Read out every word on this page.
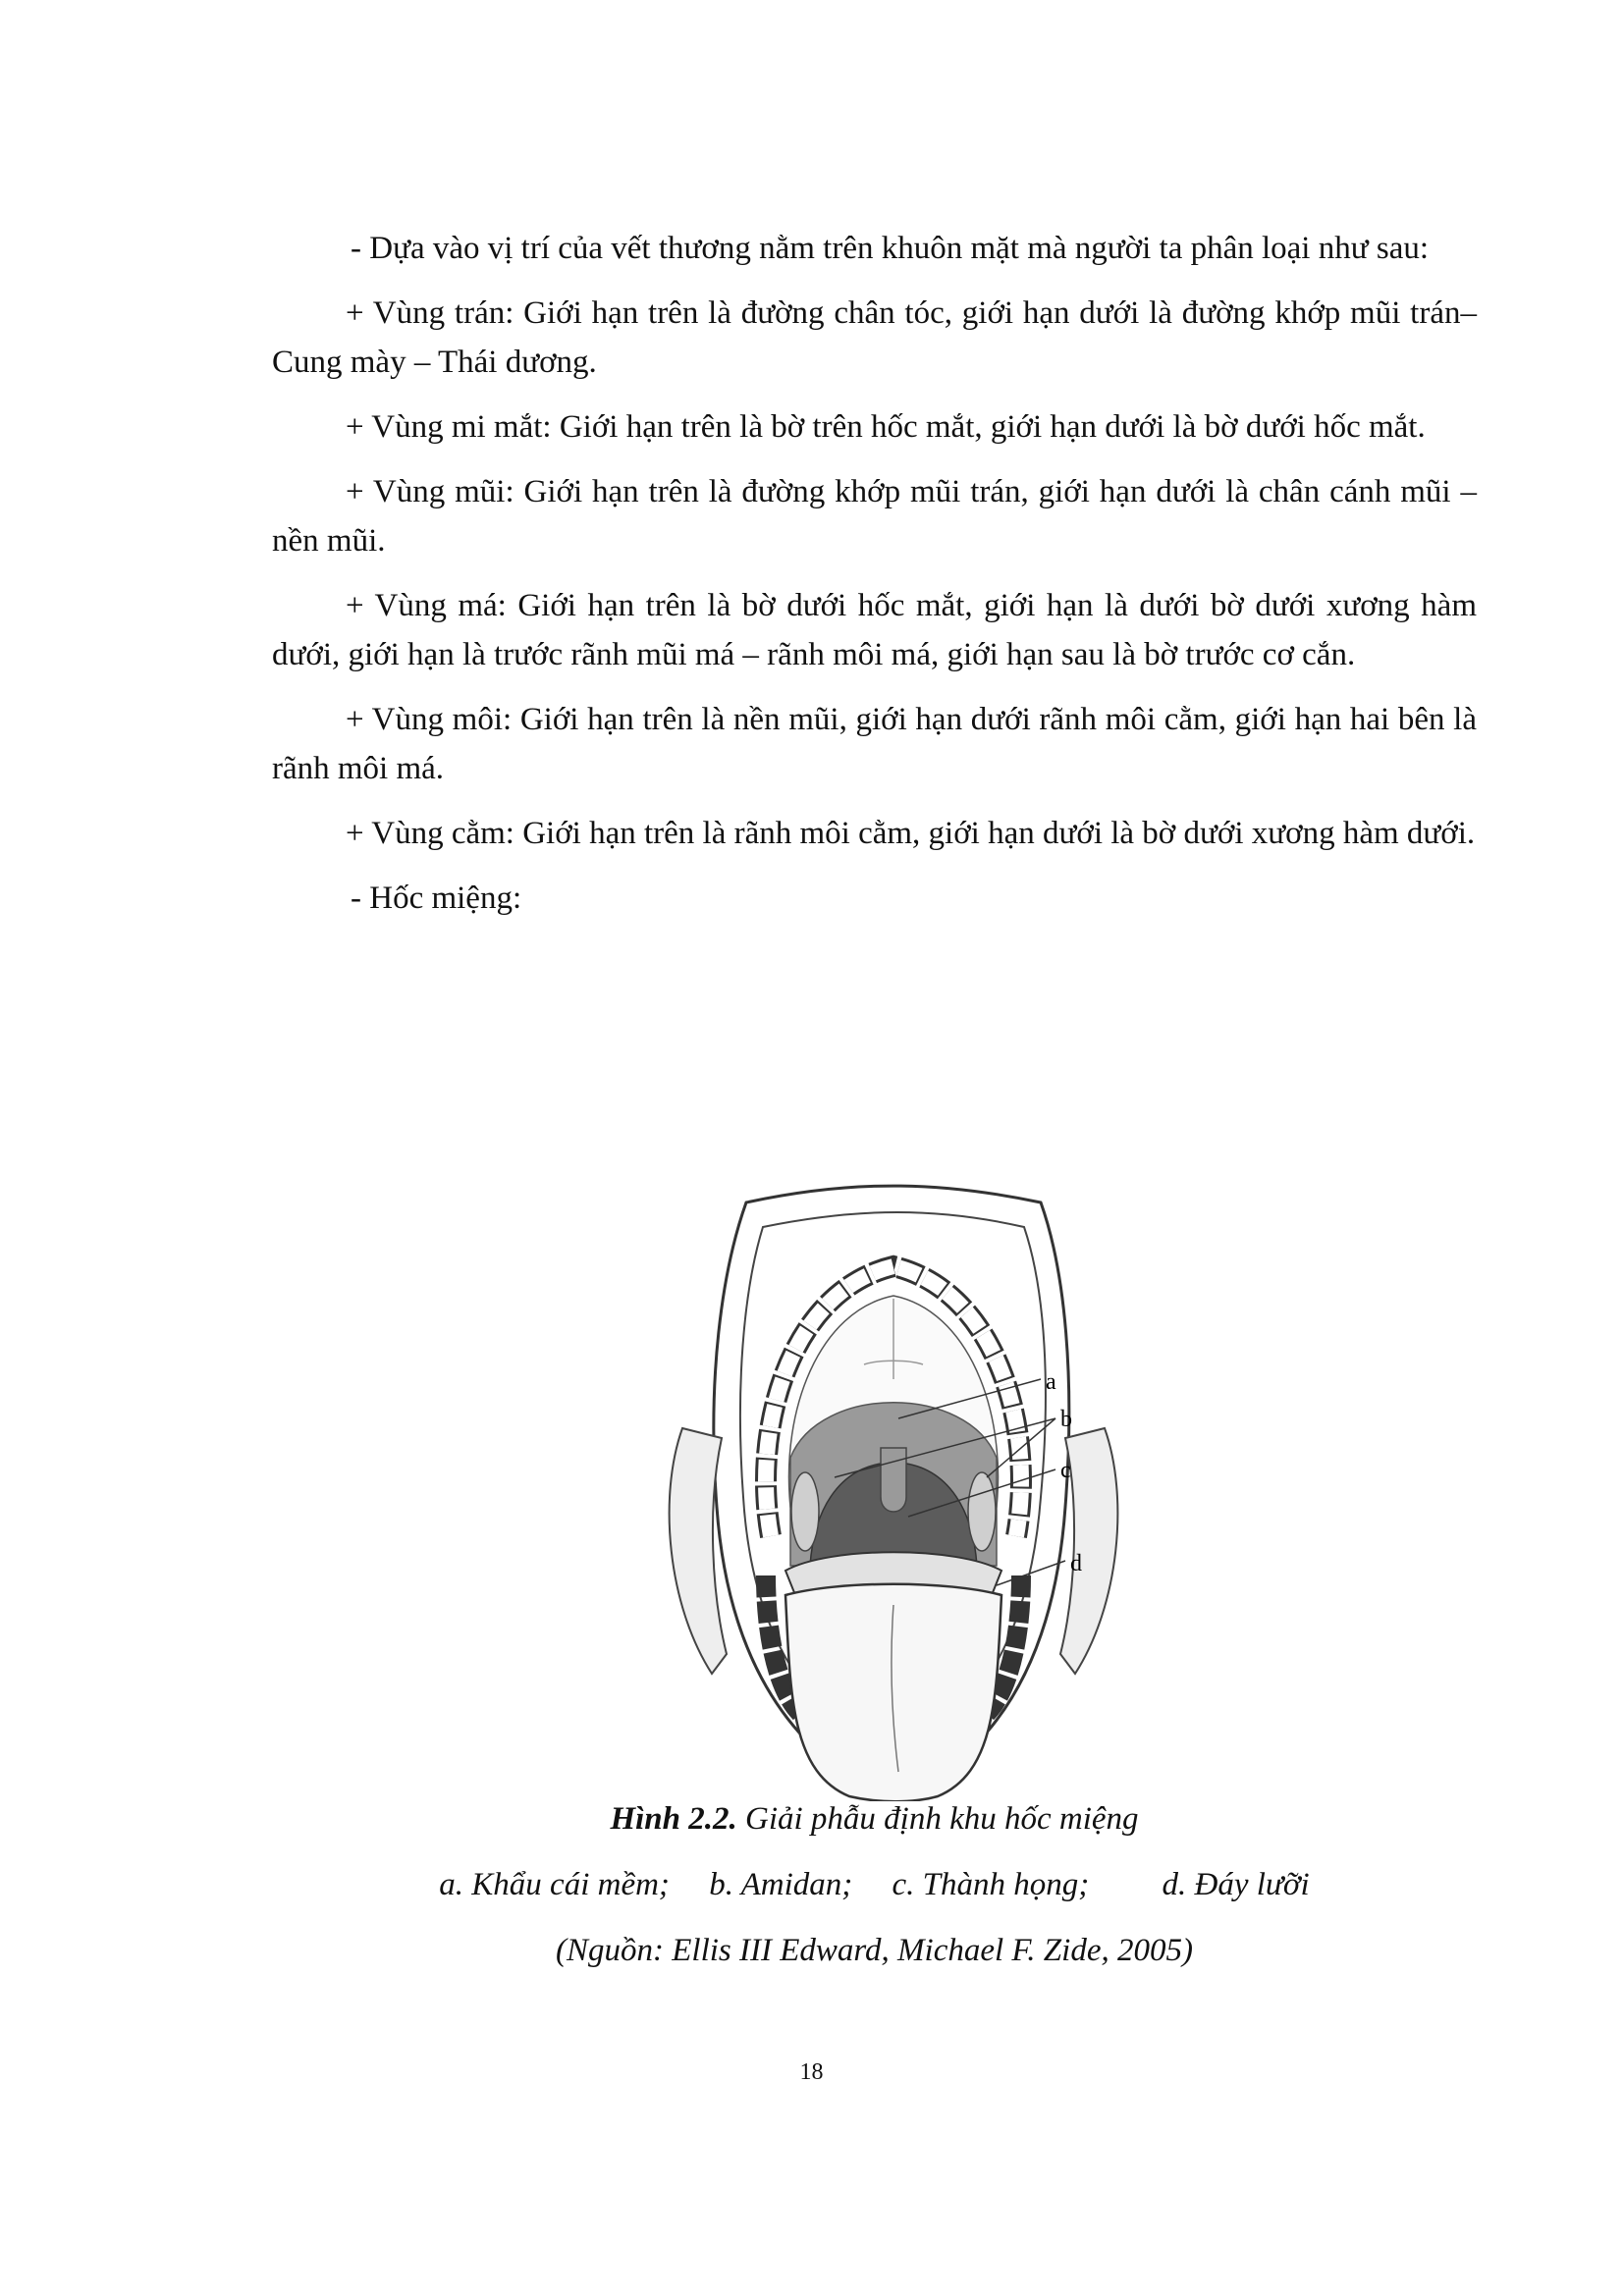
- Dựa vào vị trí của vết thương nằm trên khuôn mặt mà người ta phân loại như sau:

+ Vùng trán: Giới hạn trên là đường chân tóc, giới hạn dưới là đường khớp mũi trán– Cung mày – Thái dương.

+ Vùng mi mắt: Giới hạn trên là bờ trên hốc mắt, giới hạn dưới là bờ dưới hốc mắt.

+ Vùng mũi: Giới hạn trên là đường khớp mũi trán, giới hạn dưới là chân cánh mũi – nền mũi.

+ Vùng má: Giới hạn trên là bờ dưới hốc mắt, giới hạn là dưới bờ dưới xương hàm dưới, giới hạn là trước rãnh mũi má – rãnh môi má, giới hạn sau là bờ trước cơ cắn.

+ Vùng môi: Giới hạn trên là nền mũi, giới hạn dưới rãnh môi cằm, giới hạn hai bên là rãnh môi má.

+ Vùng cằm: Giới hạn trên là rãnh môi cằm, giới hạn dưới là bờ dưới xương hàm dưới.

- Hốc miệng:

a
b
c
d
Hình 2.2. Giải phẫu định khu hốc miệng
a. Khẩu cái mềm; b. Amidan; c. Thành họng; d. Đáy lưỡi
(Nguồn: Ellis III Edward, Michael F. Zide, 2005)
18
